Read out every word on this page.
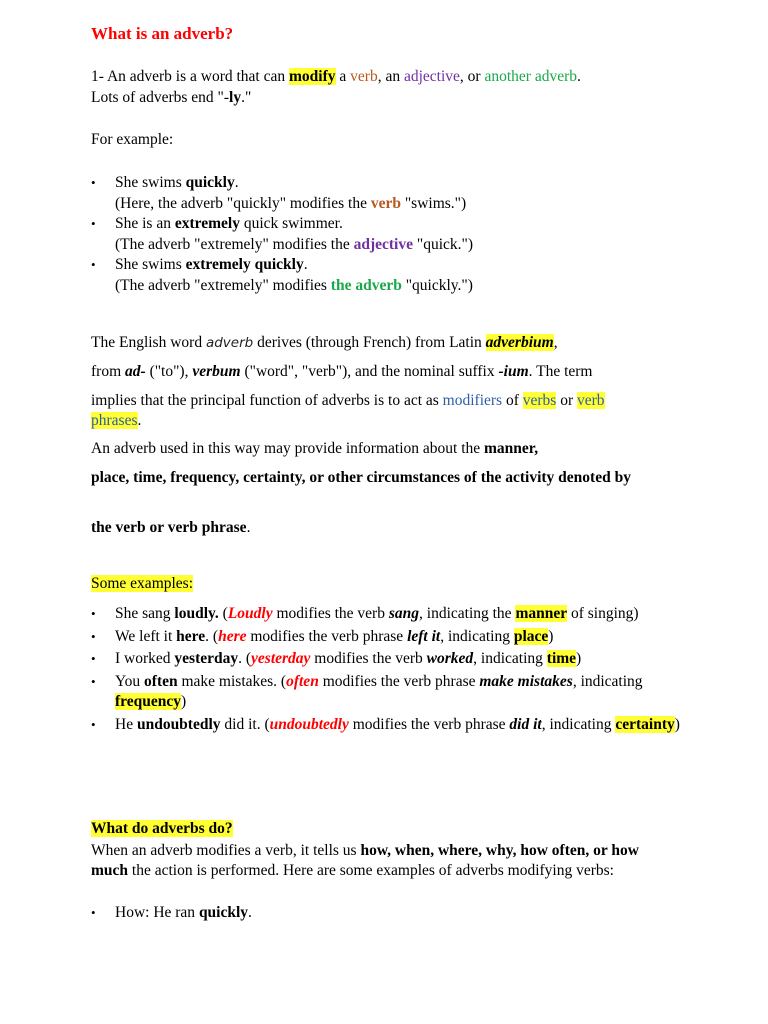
What is an adverb?
1- An adverb is a word that can modify a verb, an adjective, or another adverb.
Lots of adverbs end "-ly."
For example:
• She swims quickly.
(Here, the adverb "quickly" modifies the verb "swims.")
• She is an extremely quick swimmer.
(The adverb "extremely" modifies the adjective "quick.")
• She swims extremely quickly.
(The adverb "extremely" modifies the adverb "quickly.")
The English word adverb derives (through French) from Latin adverbium,
from ad- ("to"), verbum ("word", "verb"), and the nominal suffix -ium. The term
implies that the principal function of adverbs is to act as modifiers of verbs or verb
phrases.
An adverb used in this way may provide information about the manner,
place, time, frequency, certainty, or other circumstances of the activity denoted by
the verb or verb phrase.
Some examples:
• She sang loudly. (Loudly modifies the verb sang, indicating the manner of singing)
• We left it here. (here modifies the verb phrase left it, indicating place)
• I worked yesterday. (yesterday modifies the verb worked, indicating time)
• You often make mistakes. (often modifies the verb phrase make mistakes, indicating frequency)
• He undoubtedly did it. (undoubtedly modifies the verb phrase did it, indicating certainty)
What do adverbs do?
When an adverb modifies a verb, it tells us how, when, where, why, how often, or how much the action is performed. Here are some examples of adverbs modifying verbs:
• How: He ran quickly.
